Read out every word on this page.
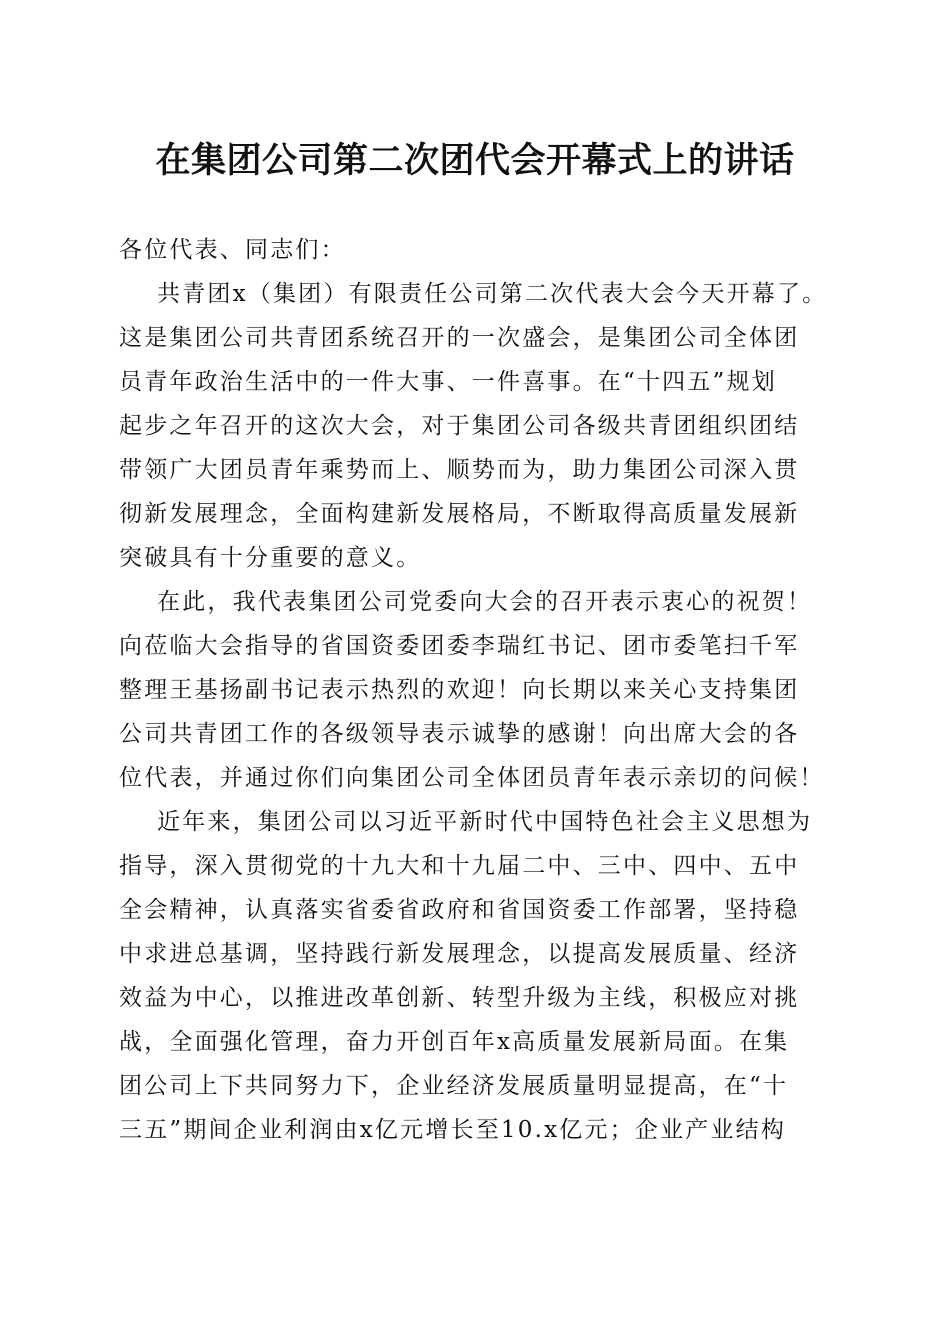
在集团公司第二次团代会开幕式上的讲话

各位代表、同志们：

共青团x（集团）有限责任公司第二次代表大会今天开幕了。

这是集团公司共青团系统召开的一次盛会，是集团公司全体团

员青年政治生活中的一件大事、一件喜事。在“十四五”规划

起步之年召开的这次大会，对于集团公司各级共青团组织团结

带领广大团员青年乘势而上、顺势而为，助力集团公司深入贯

彻新发展理念，全面构建新发展格局，不断取得高质量发展新

突破具有十分重要的意义。

在此，我代表集团公司党委向大会的召开表示衷心的祝贺！

向莅临大会指导的省国资委团委李瑞红书记、团市委笔扫千军

整理王基扬副书记表示热烈的欢迎！向长期以来关心支持集团

公司共青团工作的各级领导表示诚挚的感谢！向出席大会的各

位代表，并通过你们向集团公司全体团员青年表示亲切的问候！

近年来，集团公司以习近平新时代中国特色社会主义思想为

指导，深入贯彻党的十九大和十九届二中、三中、四中、五中

全会精神，认真落实省委省政府和省国资委工作部署，坚持稳

中求进总基调，坚持践行新发展理念，以提高发展质量、经济

效益为中心，以推进改革创新、转型升级为主线，积极应对挑

战，全面强化管理，奋力开创百年x高质量发展新局面。在集

团公司上下共同努力下，企业经济发展质量明显提高，在“十

三五”期间企业利润由x亿元增长至10.x亿元；企业产业结构
